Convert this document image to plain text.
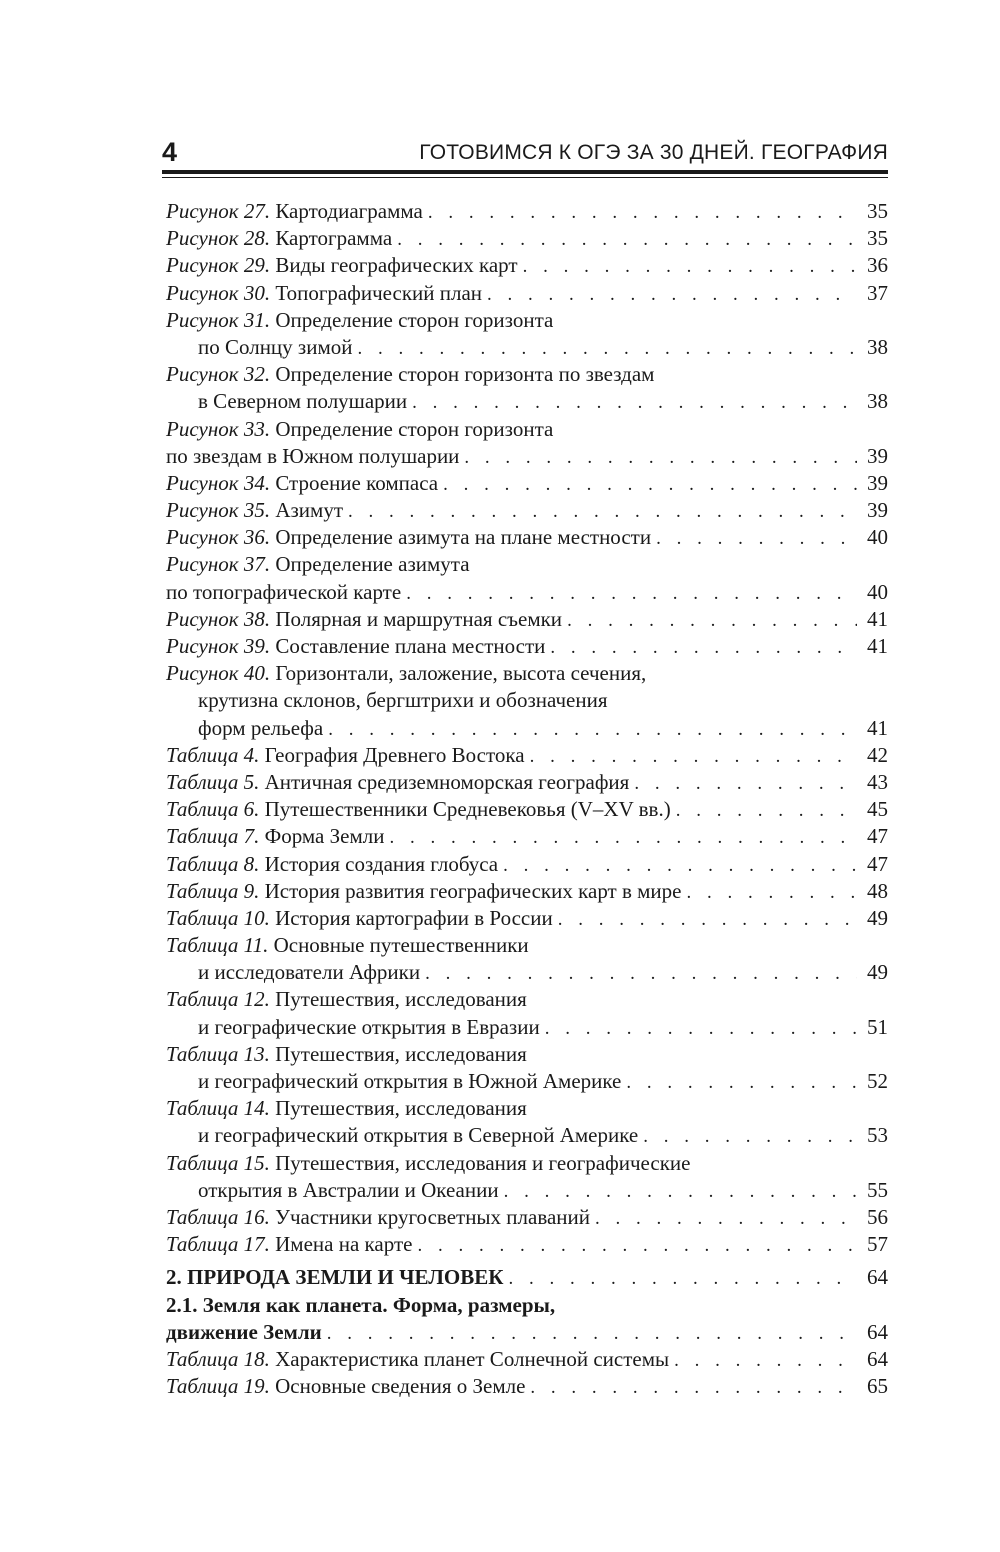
4	ГОТОВИМСЯ К ОГЭ ЗА 30 ДНЕЙ. ГЕОГРАФИЯ
Рисунок 27. Картодиаграмма . . .	35
Рисунок 28. Картограмма . . .	35
Рисунок 29. Виды географических карт . . .	36
Рисунок 30. Топографический план . . .	37
Рисунок 31. Определение сторон горизонта
по Солнцу зимой . . .	38
Рисунок 32. Определение сторон горизонта по звездам
в Северном полушарии . . .	38
Рисунок 33. Определение сторон горизонта
по звездам в Южном полушарии . . .	39
Рисунок 34. Строение компаса . . .	39
Рисунок 35. Азимут . . .	39
Рисунок 36. Определение азимута на плане местности . . .	40
Рисунок 37. Определение азимута
по топографической карте . . .	40
Рисунок 38. Полярная и маршрутная съемки . . .	41
Рисунок 39. Составление плана местности . . .	41
Рисунок 40. Горизонтали, заложение, высота сечения,
крутизна склонов, бергштрихи и обозначения
форм рельефа . . .	41
Таблица 4. География Древнего Востока . . .	42
Таблица 5. Античная средиземноморская география . . .	43
Таблица 6. Путешественники Средневековья (V–XV вв.) . . .	45
Таблица 7. Форма Земли . . .	47
Таблица 8. История создания глобуса . . .	47
Таблица 9. История развития географических карт в мире . . .	48
Таблица 10. История картографии в России . . .	49
Таблица 11. Основные путешественники
и исследователи Африки . . .	49
Таблица 12. Путешествия, исследования
и географические открытия в Евразии . . .	51
Таблица 13. Путешествия, исследования
и географический открытия в Южной Америке . . .	52
Таблица 14. Путешествия, исследования
и географический открытия в Северной Америке . . .	53
Таблица 15. Путешествия, исследования и географические
открытия в Австралии и Океании . . .	55
Таблица 16. Участники кругосветных плаваний . . .	56
Таблица 17. Имена на карте . . .	57
2. ПРИРОДА ЗЕМЛИ И ЧЕЛОВЕК . . .	64
2.1. Земля как планета. Форма, размеры,
движение Земли . . .	64
Таблица 18. Характеристика планет Солнечной системы . . .	64
Таблица 19. Основные сведения о Земле . . .	65
